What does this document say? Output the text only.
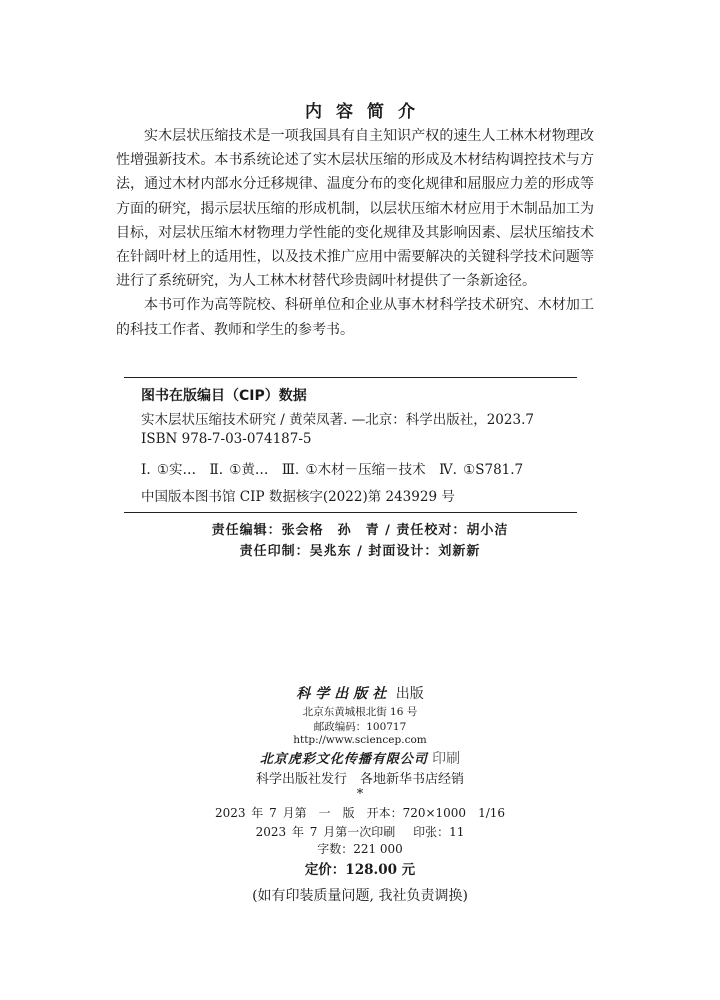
内容简介

实木层状压缩技术是一项我国具有自主知识产权的速生人工林木材物理改性增强新技术。本书系统论述了实木层状压缩的形成及木材结构调控技术与方法，通过木材内部水分迁移规律、温度分布的变化规律和屈服应力差的形成等方面的研究，揭示层状压缩的形成机制，以层状压缩木材应用于木制品加工为目标，对层状压缩木材物理力学性能的变化规律及其影响因素、层状压缩技术在针阔叶材上的适用性，以及技术推广应用中需要解决的关键科学技术问题等进行了系统研究，为人工林木材替代珍贵阔叶材提供了一条新途径。

本书可作为高等院校、科研单位和企业从事木材科学技术研究、木材加工的科技工作者、教师和学生的参考书。

图书在版编目（CIP）数据
实木层状压缩技术研究 / 黄荣凤著. —北京：科学出版社，2023.7
ISBN 978-7-03-074187-5
Ⅰ. ①实…　Ⅱ. ①黄…　Ⅲ. ①木材－压缩－技术　Ⅳ. ①S781.7
中国版本图书馆 CIP 数据核字(2022)第 243929 号
责任编辑：张会格　孙　青 / 责任校对：胡小洁
责任印制：吴兆东 / 封面设计：刘新新
科学出版社 出版
北京东黄城根北街 16 号
邮政编码：100717
http://www.sciencep.com
北京虎彩文化传播有限公司 印刷
科学出版社发行　各地新华书店经销
*
2023 年 7 月第　一　版　开本：720×1000　1/16
2023 年 7 月第一次印刷　 印张：11
字数：221 000
定价：128.00 元
(如有印装质量问题, 我社负责调换)
